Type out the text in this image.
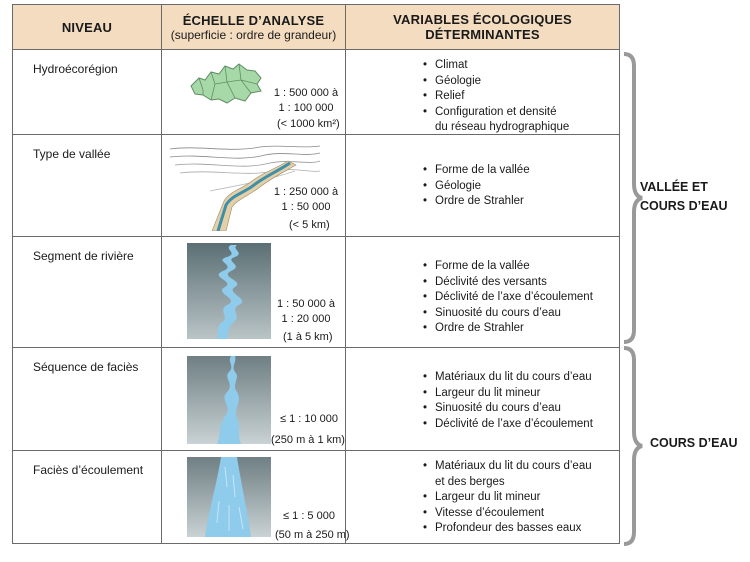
NIVEAU	ÉCHELLE D’ANALYSE
(superficie : ordre de grandeur)
VARIABLES ÉCOLOGIQUES
DÉTERMINANTES
Hydroécorégion
1 : 500 000 à
1 : 100 000
(< 1000 km²)
• Climat
• Géologie
• Relief
• Configuration et densité
du réseau hydrographique
Type de vallée
1 : 250 000 à
1 : 50 000
(< 5 km)
• Forme de la vallée
• Géologie
• Ordre de Strahler
Segment de rivière
1 : 50 000 à
1 : 20 000
(1 à 5 km)
• Forme de la vallée
• Déclivité des versants
• Déclivité de l’axe d’écoulement
• Sinuosité du cours d’eau
• Ordre de Strahler
Séquence de faciès
≤ 1 : 10 000
(250 m à 1 km)
• Matériaux du lit du cours d’eau
• Largeur du lit mineur
• Sinuosité du cours d’eau
• Déclivité de l’axe d’écoulement
Faciès d’écoulement
≤ 1 : 5 000
(50 m à 250 m)
• Matériaux du lit du cours d’eau
et des berges
• Largeur du lit mineur
• Vitesse d’écoulement
• Profondeur des basses eaux
VALLÉE ET
COURS D’EAU
COURS D’EAU
